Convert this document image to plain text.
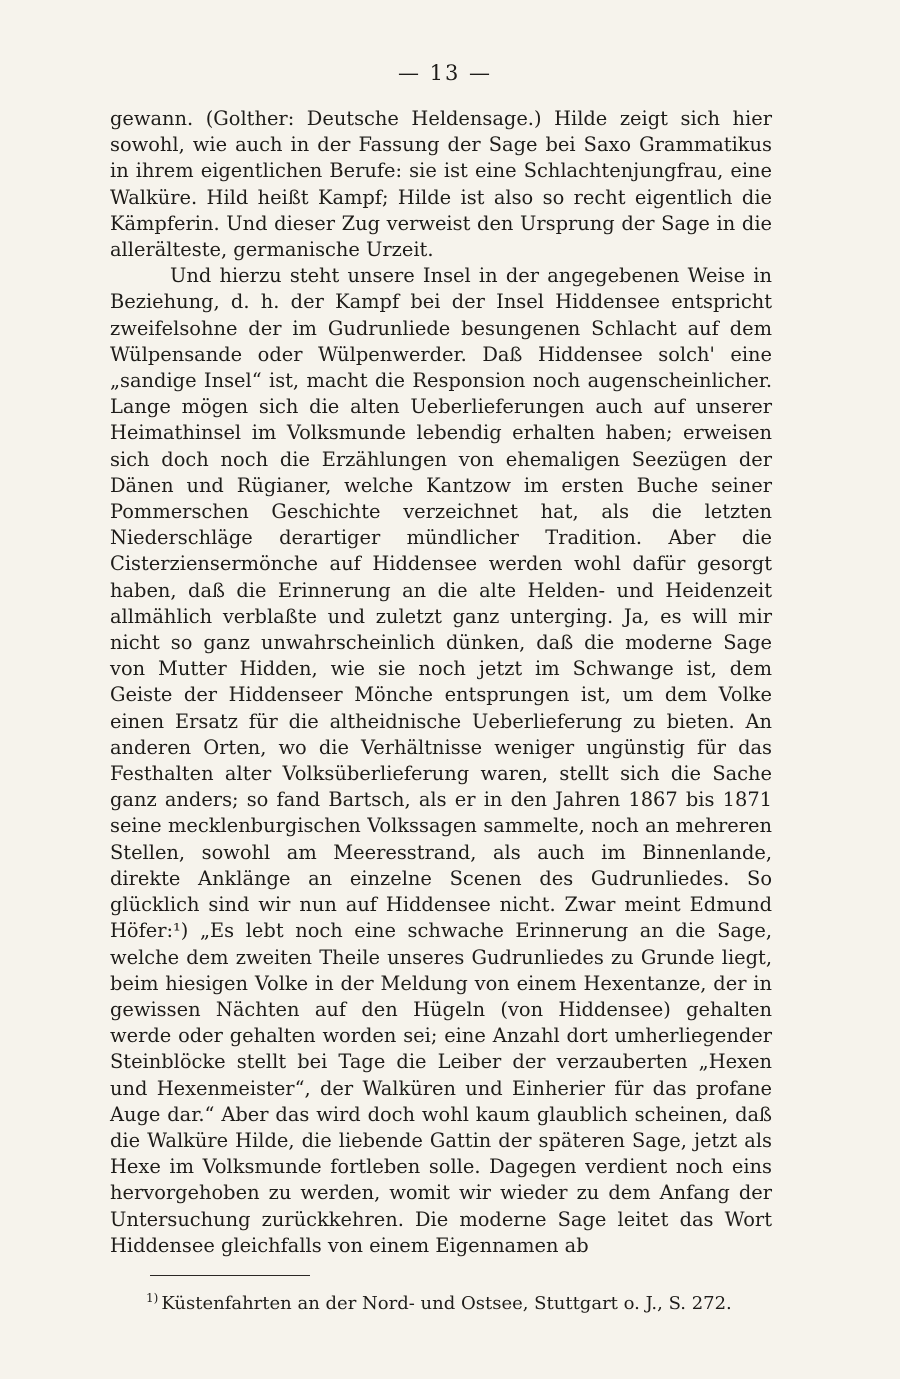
— 13 —

gewann. (Golther: Deutsche Heldensage.) Hilde zeigt sich hier sowohl, wie auch in der Fassung der Sage bei Saxo Grammatikus in ihrem eigentlichen Berufe: sie ist eine Schlachtenjungfrau, eine Walküre. Hild heißt Kampf; Hilde ist also so recht eigentlich die Kämpferin. Und dieser Zug verweist den Ursprung der Sage in die allerälteste, germanische Urzeit.

Und hierzu steht unsere Insel in der angegebenen Weise in Beziehung, d. h. der Kampf bei der Insel Hiddensee entspricht zweifelsohne der im Gudrunliede besungenen Schlacht auf dem Wülpensande oder Wülpenwerder. Daß Hiddensee solch' eine „sandige Insel“ ist, macht die Responsion noch augenscheinlicher. Lange mögen sich die alten Ueberlieferungen auch auf unserer Heimathinsel im Volksmunde lebendig erhalten haben; erweisen sich doch noch die Erzählungen von ehemaligen Seezügen der Dänen und Rügianer, welche Kantzow im ersten Buche seiner Pommerschen Geschichte verzeichnet hat, als die letzten Niederschläge derartiger mündlicher Tradition. Aber die Cisterziensermönche auf Hiddensee werden wohl dafür gesorgt haben, daß die Erinnerung an die alte Helden- und Heidenzeit allmählich verblaßte und zuletzt ganz unterging. Ja, es will mir nicht so ganz unwahrscheinlich dünken, daß die moderne Sage von Mutter Hidden, wie sie noch jetzt im Schwange ist, dem Geiste der Hiddenseer Mönche entsprungen ist, um dem Volke einen Ersatz für die altheidnische Ueberlieferung zu bieten. An anderen Orten, wo die Verhältnisse weniger ungünstig für das Festhalten alter Volksüberlieferung waren, stellt sich die Sache ganz anders; so fand Bartsch, als er in den Jahren 1867 bis 1871 seine mecklenburgischen Volkssagen sammelte, noch an mehreren Stellen, sowohl am Meeresstrand, als auch im Binnenlande, direkte Anklänge an einzelne Scenen des Gudrunliedes. So glücklich sind wir nun auf Hiddensee nicht. Zwar meint Edmund Höfer:¹) „Es lebt noch eine schwache Erinnerung an die Sage, welche dem zweiten Theile unseres Gudrunliedes zu Grunde liegt, beim hiesigen Volke in der Meldung von einem Hexentanze, der in gewissen Nächten auf den Hügeln (von Hiddensee) gehalten werde oder gehalten worden sei; eine Anzahl dort umherliegender Steinblöcke stellt bei Tage die Leiber der verzauberten „Hexen und Hexenmeister“, der Walküren und Einherier für das profane Auge dar.“ Aber das wird doch wohl kaum glaublich scheinen, daß die Walküre Hilde, die liebende Gattin der späteren Sage, jetzt als Hexe im Volksmunde fortleben solle. Dagegen verdient noch eins hervorgehoben zu werden, womit wir wieder zu dem Anfang der Untersuchung zurückkehren. Die moderne Sage leitet das Wort Hiddensee gleichfalls von einem Eigennamen ab

$^{1)}$ Küstenfahrten an der Nord- und Ostsee, Stuttgart o. J., S. 272.
